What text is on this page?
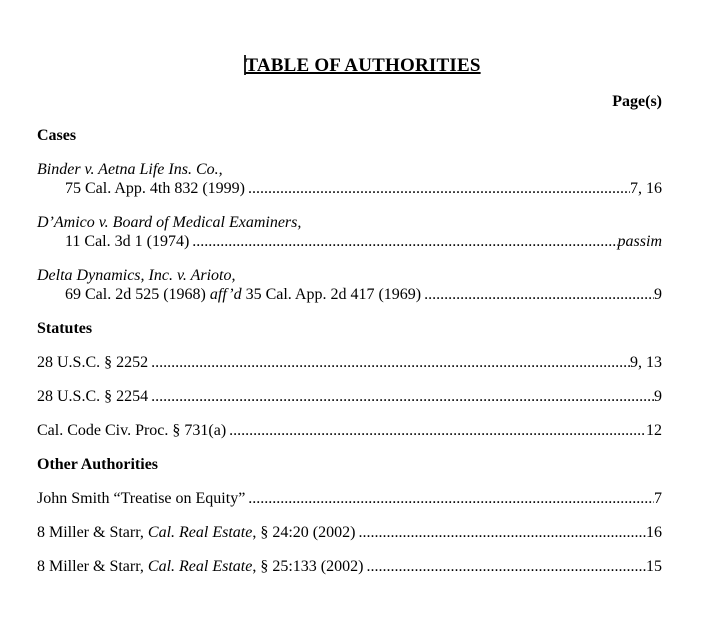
TABLE OF AUTHORITIES
Page(s)
Cases
Binder v. Aetna Life Ins. Co.,
75 Cal. App. 4th 832 (1999) .....	7, 16
D’Amico v. Board of Medical Examiners,
11 Cal. 3d 1 (1974) .....	passim
Delta Dynamics, Inc. v. Arioto,
69 Cal. 2d 525 (1968) aff’d 35 Cal. App. 2d 417 (1969) .....	9
Statutes
28 U.S.C. § 2252 .....	9, 13
28 U.S.C. § 2254 .....	9
Cal. Code Civ. Proc. § 731(a) .....	12
Other Authorities
John Smith “Treatise on Equity” .....	7
8 Miller & Starr, Cal. Real Estate, § 24:20 (2002) .....	16
8 Miller & Starr, Cal. Real Estate, § 25:133 (2002) .....	15
